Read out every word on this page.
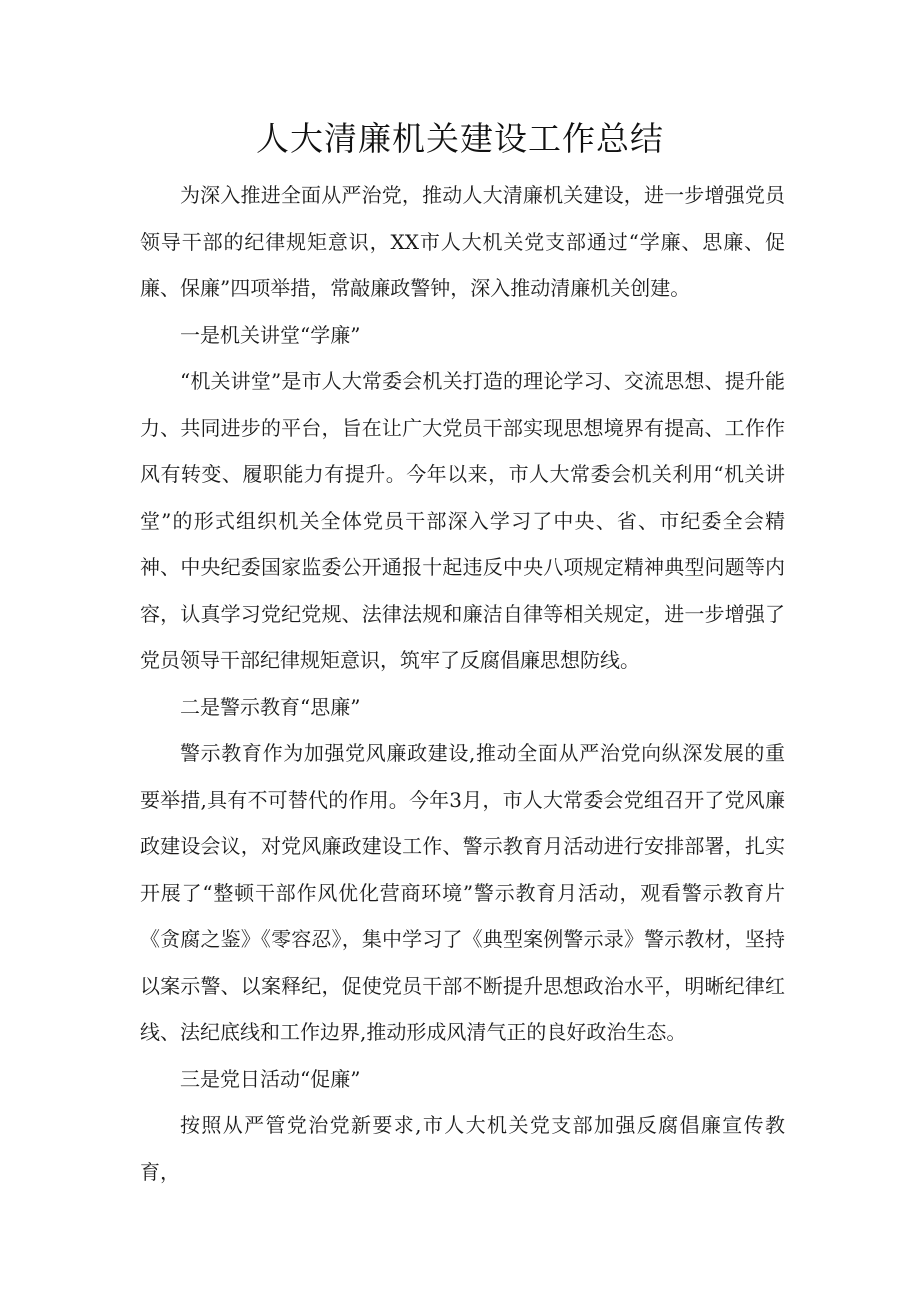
人大清廉机关建设工作总结

为深入推进全面从严治党，推动人大清廉机关建设，进一步增强党员领导干部的纪律规矩意识，XX市人大机关党支部通过“学廉、思廉、促廉、保廉”四项举措，常敲廉政警钟，深入推动清廉机关创建。

一是机关讲堂“学廉”

“机关讲堂”是市人大常委会机关打造的理论学习、交流思想、提升能力、共同进步的平台，旨在让广大党员干部实现思想境界有提高、工作作风有转变、履职能力有提升。今年以来，市人大常委会机关利用“机关讲堂”的形式组织机关全体党员干部深入学习了中央、省、市纪委全会精神、中央纪委国家监委公开通报十起违反中央八项规定精神典型问题等内容，认真学习党纪党规、法律法规和廉洁自律等相关规定，进一步增强了党员领导干部纪律规矩意识，筑牢了反腐倡廉思想防线。

二是警示教育“思廉”

警示教育作为加强党风廉政建设,推动全面从严治党向纵深发展的重要举措,具有不可替代的作用。今年3月，市人大常委会党组召开了党风廉政建设会议，对党风廉政建设工作、警示教育月活动进行安排部署，扎实开展了“整顿干部作风优化营商环境”警示教育月活动，观看警示教育片《贪腐之鉴》《零容忍》，集中学习了《典型案例警示录》警示教材，坚持以案示警、以案释纪，促使党员干部不断提升思想政治水平，明晰纪律红线、法纪底线和工作边界,推动形成风清气正的良好政治生态。

三是党日活动“促廉”

按照从严管党治党新要求,市人大机关党支部加强反腐倡廉宣传教育，
